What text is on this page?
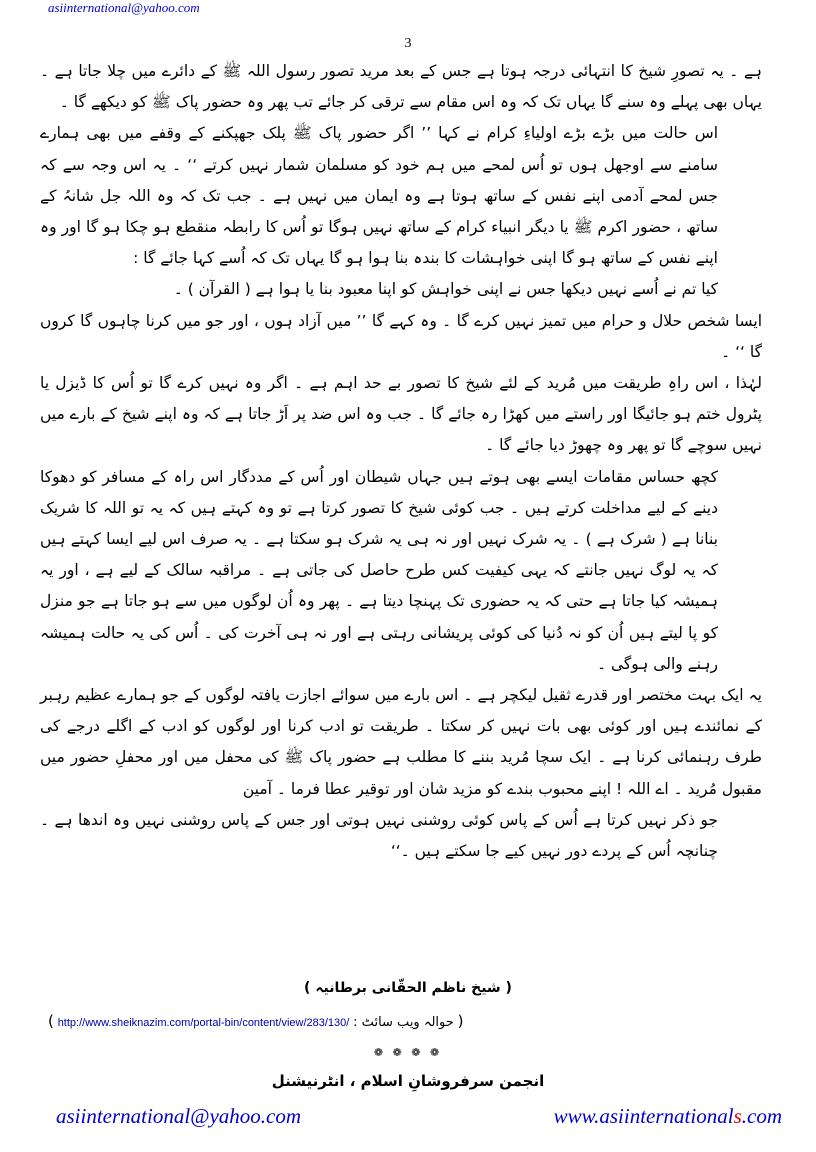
asiinternational@yahoo.com
3

ہے ۔ یہ تصورِ شیخ کا انتہائی درجہ ہوتا ہے جس کے بعد مرید تصور رسول اللہ ﷺ کے دائرے میں چلا جاتا ہے ۔ یہاں بھی پہلے وہ سنے گا یہاں تک کہ وہ اس مقام سے ترقی کر جائے تب پھر وہ حضور پاک ﷺ کو دیکھے گا ۔

اس حالت میں بڑے بڑے اولیاءِ کرام نے کہا ’’ اگر حضور پاک ﷺ پلک جھپکنے کے وقفے میں بھی ہمارے سامنے سے اوجھل ہوں تو اُس لمحے میں ہم خود کو مسلمان شمار نہیں کرتے ‘‘ ۔ یہ اس وجہ سے کہ جس لمحے آدمی اپنے نفس کے ساتھ ہوتا ہے وہ ایمان میں نہیں ہے ۔ جب تک کہ وہ اللہ جل شانہُ کے ساتھ ، حضور اکرم ﷺ یا دیگر انبیاء کرام کے ساتھ نہیں ہوگا تو اُس کا رابطہ منقطع ہو چکا ہو گا اور وہ اپنے نفس کے ساتھ ہو گا اپنی خواہشات کا بندہ بنا ہوا ہو گا یہاں تک کہ اُسے کہا جائے گا :

کیا تم نے اُسے نہیں دیکھا جس نے اپنی خواہش کو اپنا معبود بنا یا ہوا ہے ( القرآن ) ۔

ایسا شخص حلال و حرام میں تمیز نہیں کرے گا ۔ وہ کہے گا ’’ میں آزاد ہوں ، اور جو میں کرنا چاہوں گا کروں گا ‘‘ ۔

لہٰذا ، اس راہِ طریقت میں مُرید کے لئے شیخ کا تصور بے حد اہم ہے ۔ اگر وہ نہیں کرے گا تو اُس کا ڈیزل یا پٹرول ختم ہو جائیگا اور راستے میں کھڑا رہ جائے گا ۔ جب وہ اس ضد پر اَڑ جاتا ہے کہ وہ اپنے شیخ کے بارے میں نہیں سوچے گا تو پھر وہ چھوڑ دیا جائے گا ۔

کچھ حساس مقامات ایسے بھی ہوتے ہیں جہاں شیطان اور اُس کے مددگار اس راہ کے مسافر کو دھوکا دینے کے لیے مداخلت کرتے ہیں ۔ جب کوئی شیخ کا تصور کرتا ہے تو وہ کہتے ہیں کہ یہ تو اللہ کا شریک بنانا ہے ( شرک ہے ) ۔ یہ شرک نہیں اور نہ ہی یہ شرک ہو سکتا ہے ۔ یہ صرف اس لیے ایسا کہتے ہیں کہ یہ لوگ نہیں جانتے کہ یہی کیفیت کس طرح حاصل کی جاتی ہے ۔ مراقبہ سالک کے لیے ہے ، اور یہ ہمیشہ کیا جاتا ہے حتی کہ یہ حضوری تک پہنچا دیتا ہے ۔ پھر وہ اُن لوگوں میں سے ہو جاتا ہے جو منزل کو پا لیتے ہیں اُن کو نہ دُنیا کی کوئی پریشانی رہتی ہے اور نہ ہی آخرت کی ۔ اُس کی یہ حالت ہمیشہ رہنے والی ہوگی ۔

یہ ایک بہت مختصر اور قدرے ثقیل لیکچر ہے ۔ اس بارے میں سوائے اجازت یافتہ لوگوں کے جو ہمارے عظیم رہبر کے نمائندے ہیں اور کوئی بھی بات نہیں کر سکتا ۔ طریقت تو ادب کرنا اور لوگوں کو ادب کے اگلے درجے کی طرف رہنمائی کرنا ہے ۔ ایک سچا مُرید بننے کا مطلب ہے حضور پاک ﷺ کی محفل میں اور محفلِ حضور میں مقبول مُرید ۔ اے اللہ ! اپنے محبوب بندے کو مزید شان اور توقیر عطا فرما ۔ آمین

جو ذکر نہیں کرتا ہے اُس کے پاس کوئی روشنی نہیں ہوتی اور جس کے پاس روشنی نہیں وہ اندھا ہے ۔ چنانچہ اُس کے پردے دور نہیں کیے جا سکتے ہیں ۔‘‘

( شیخ ناظم الحقّانی برطانیہ )
( http://www.sheiknazim.com/portal-bin/content/view/283/130/ حوالہ ویب سائٹ : )
❁ ❁ ❁ ❁
انجمن سرفروشانِ اسلام ، انٹرنیشنل
asiinternational@yahoo.com	www.asiinternationals.com
